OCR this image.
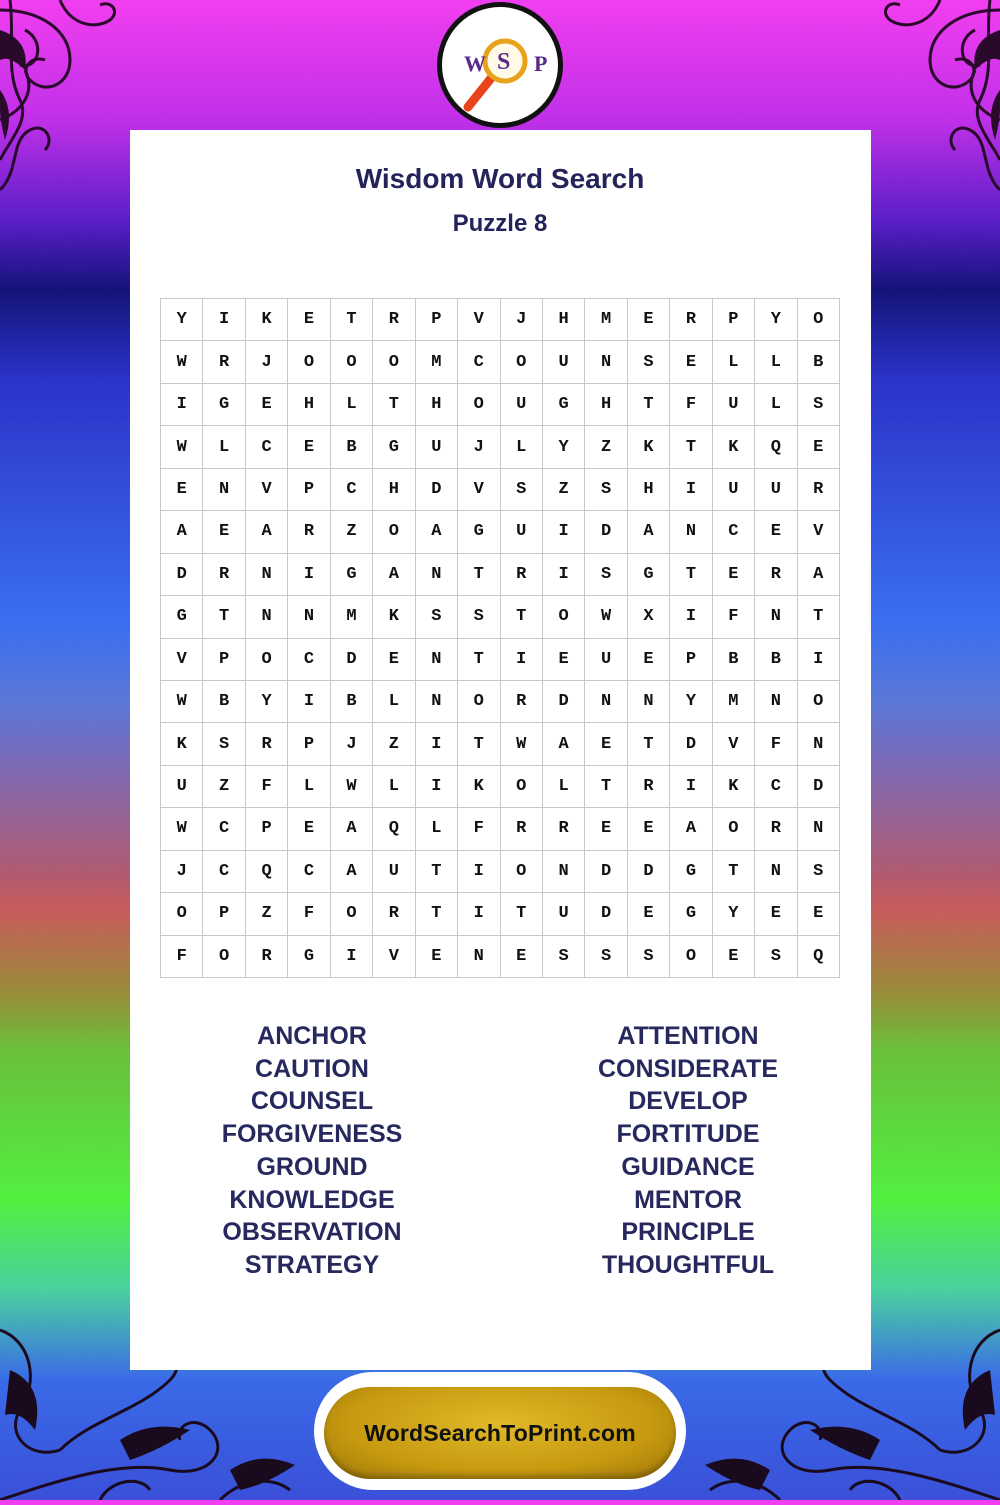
W S P
Wisdom Word Search
Puzzle 8
Y	I	K	E	T	R	P	V	J	H	M	E	R	P	Y	O
W	R	J	O	O	O	M	C	O	U	N	S	E	L	L	B
I	G	E	H	L	T	H	O	U	G	H	T	F	U	L	S
W	L	C	E	B	G	U	J	L	Y	Z	K	T	K	Q	E
E	N	V	P	C	H	D	V	S	Z	S	H	I	U	U	R
A	E	A	R	Z	O	A	G	U	I	D	A	N	C	E	V
D	R	N	I	G	A	N	T	R	I	S	G	T	E	R	A
G	T	N	N	M	K	S	S	T	O	W	X	I	F	N	T
V	P	O	C	D	E	N	T	I	E	U	E	P	B	B	I
W	B	Y	I	B	L	N	O	R	D	N	N	Y	M	N	O
K	S	R	P	J	Z	I	T	W	A	E	T	D	V	F	N
U	Z	F	L	W	L	I	K	O	L	T	R	I	K	C	D
W	C	P	E	A	Q	L	F	R	R	E	E	A	O	R	N
J	C	Q	C	A	U	T	I	O	N	D	D	G	T	N	S
O	P	Z	F	O	R	T	I	T	U	D	E	G	Y	E	E
F	O	R	G	I	V	E	N	E	S	S	S	O	E	S	Q
ANCHOR
CAUTION
COUNSEL
FORGIVENESS
GROUND
KNOWLEDGE
OBSERVATION
STRATEGY
ATTENTION
CONSIDERATE
DEVELOP
FORTITUDE
GUIDANCE
MENTOR
PRINCIPLE
THOUGHTFUL
WordSearchToPrint.com
